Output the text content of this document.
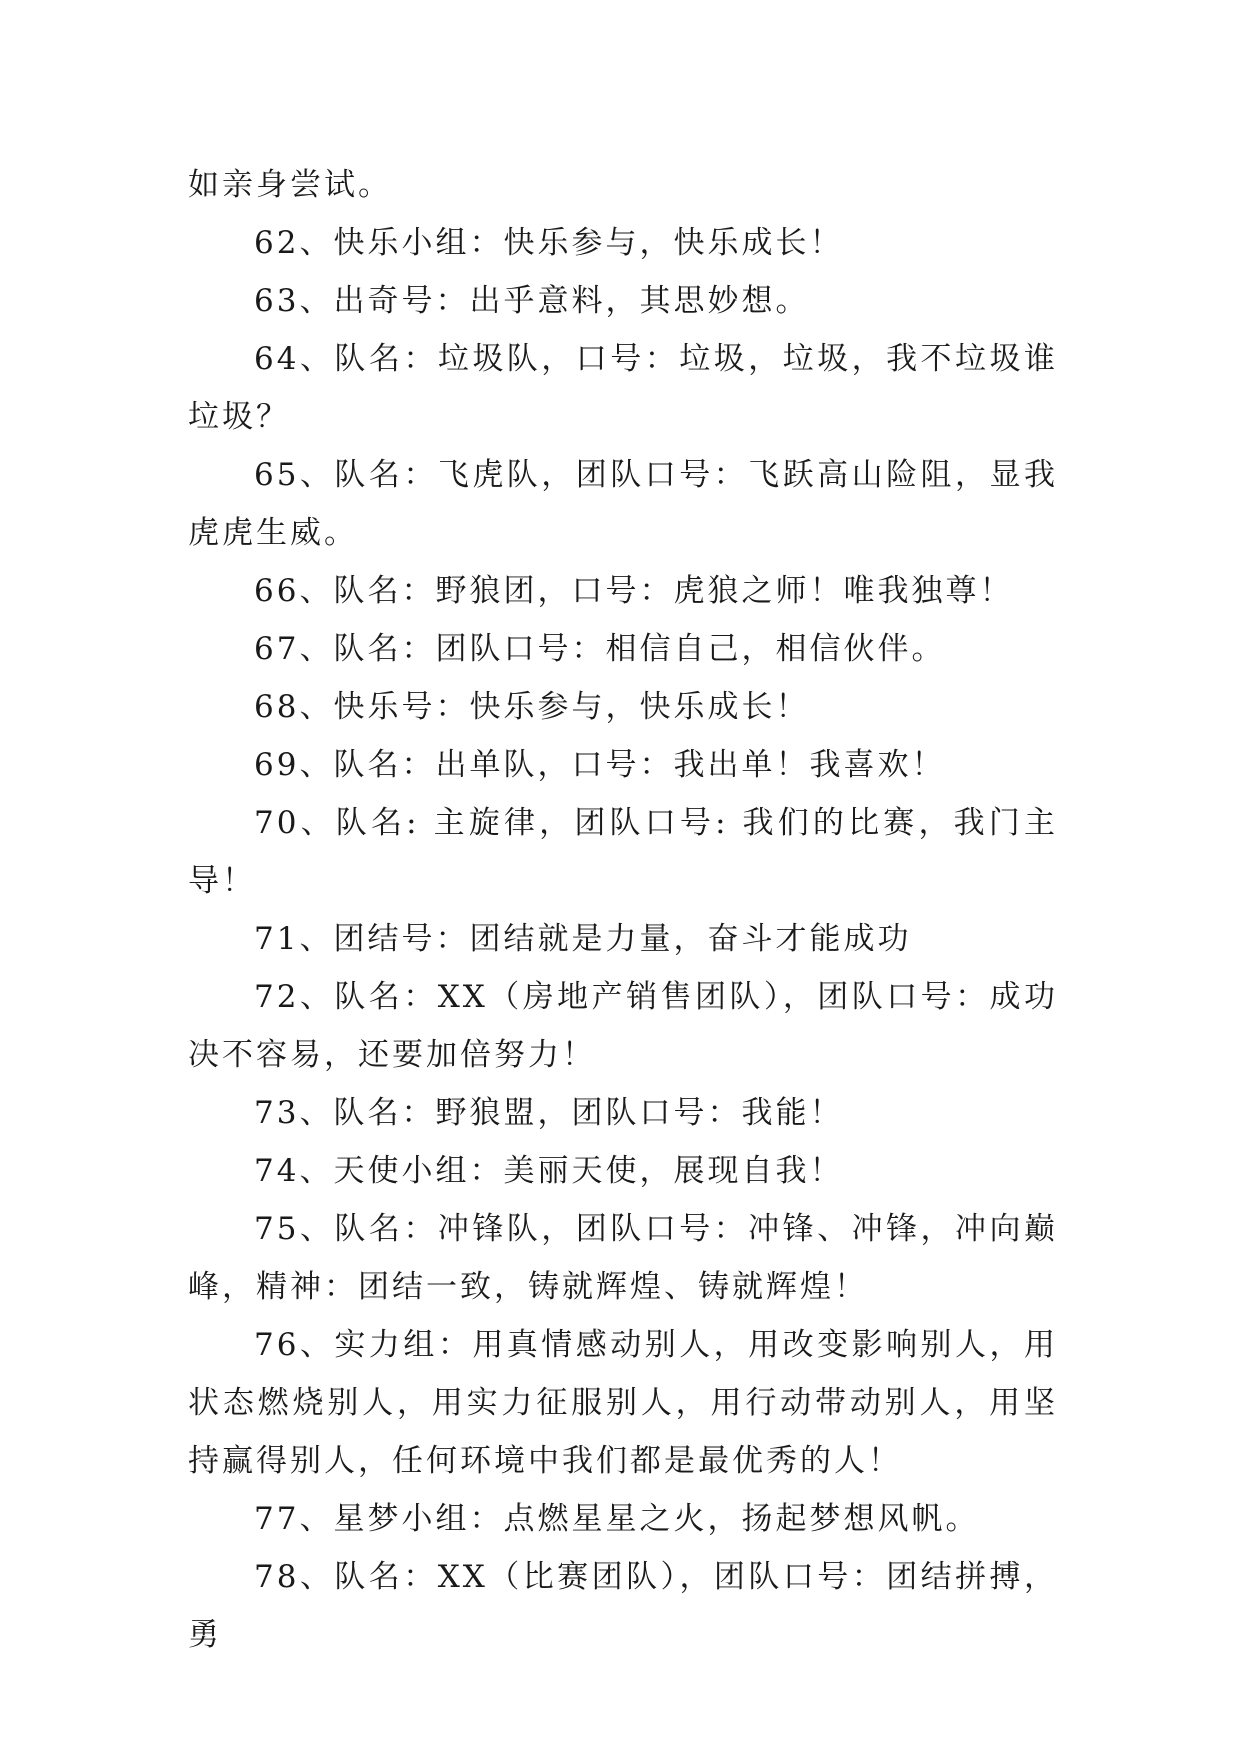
如亲身尝试。

62、快乐小组：快乐参与，快乐成长！

63、出奇号：出乎意料，其思妙想。

64、队名：垃圾队，口号：垃圾，垃圾，我不垃圾谁垃圾？

65、队名：飞虎队，团队口号：飞跃高山险阻，显我虎虎生威。

66、队名：野狼团，口号：虎狼之师！唯我独尊！

67、队名：团队口号：相信自己，相信伙伴。

68、快乐号：快乐参与，快乐成长！

69、队名：出单队，口号：我出单！我喜欢！

70、队名: 主旋律，团队口号: 我们的比赛，我门主导！

71、团结号：团结就是力量，奋斗才能成功

72、队名：XX（房地产销售团队），团队口号：成功决不容易，还要加倍努力！

73、队名：野狼盟，团队口号：我能！

74、天使小组：美丽天使，展现自我！

75、队名：冲锋队，团队口号：冲锋、冲锋，冲向巅峰，精神：团结一致，铸就辉煌、铸就辉煌！

76、实力组：用真情感动别人，用改变影响别人，用状态燃烧别人，用实力征服别人，用行动带动别人，用坚持赢得别人，任何环境中我们都是最优秀的人！

77、星梦小组：点燃星星之火，扬起梦想风帆。

78、队名：XX（比赛团队），团队口号：团结拼搏，勇
